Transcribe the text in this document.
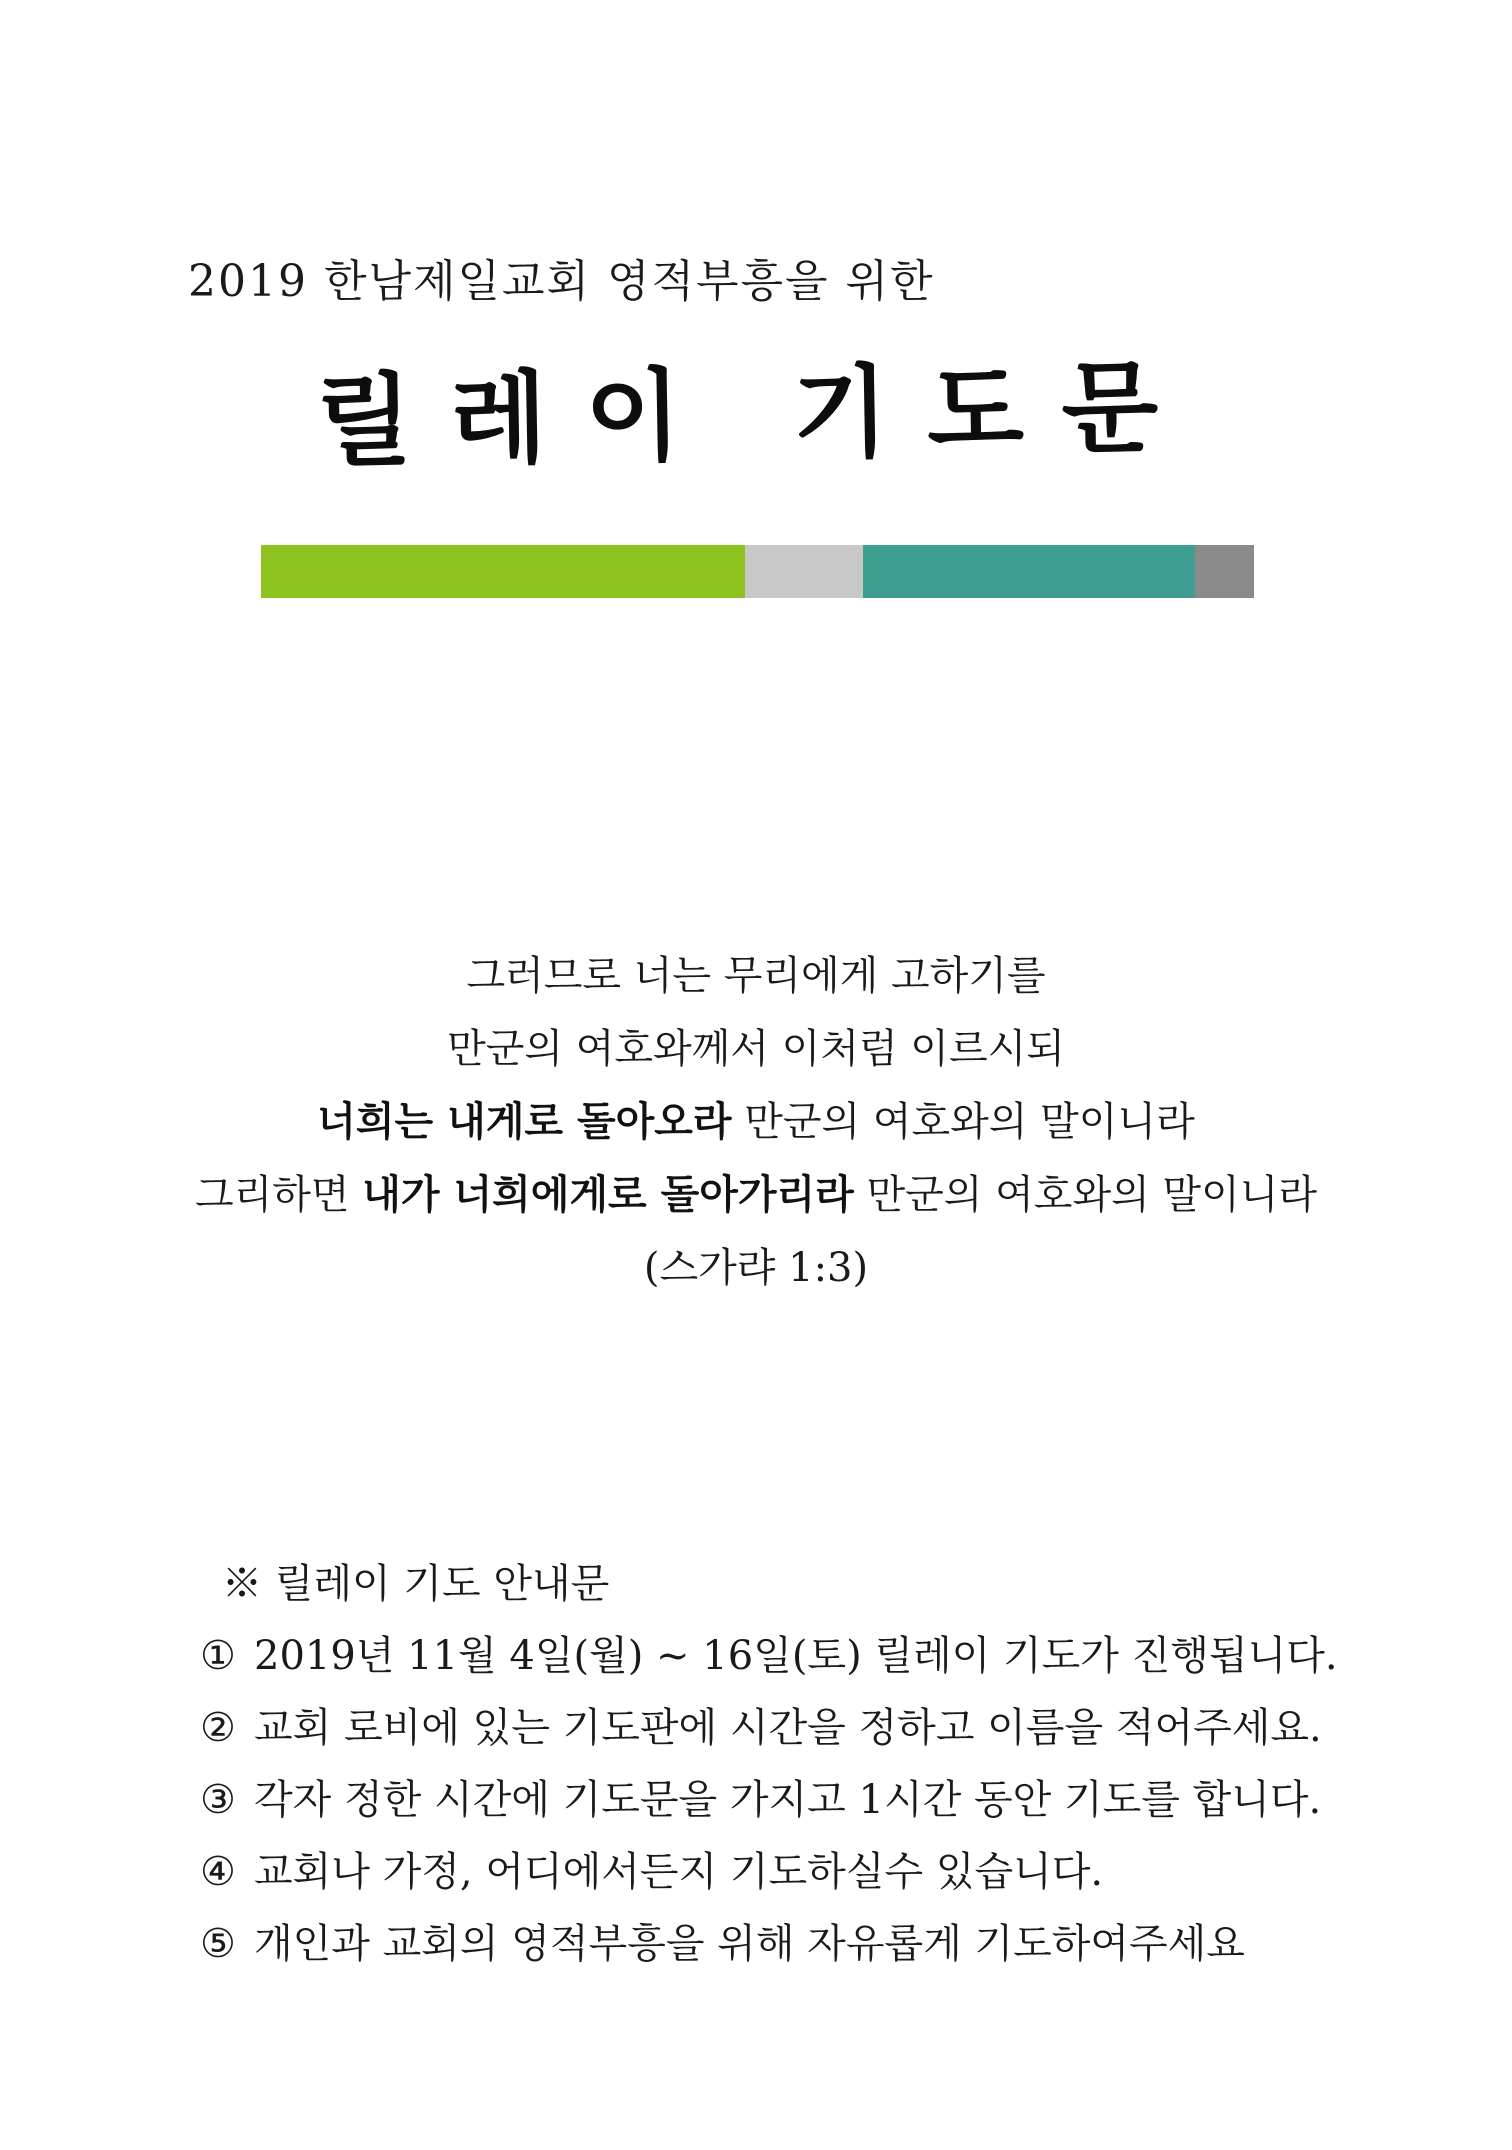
2019 한남제일교회 영적부흥을 위한
릴레이 기도문
그러므로 너는 무리에게 고하기를
만군의 여호와께서 이처럼 이르시되
너희는 내게로 돌아오라 만군의 여호와의 말이니라
그리하면 내가 너희에게로 돌아가리라 만군의 여호와의 말이니라
(스가랴 1:3)
※ 릴레이 기도 안내문
① 2019년 11월 4일(월) ~ 16일(토) 릴레이 기도가 진행됩니다.
② 교회 로비에 있는 기도판에 시간을 정하고 이름을 적어주세요.
③ 각자 정한 시간에 기도문을 가지고 1시간 동안 기도를 합니다.
④ 교회나 가정, 어디에서든지 기도하실수 있습니다.
⑤ 개인과 교회의 영적부흥을 위해 자유롭게 기도하여주세요
